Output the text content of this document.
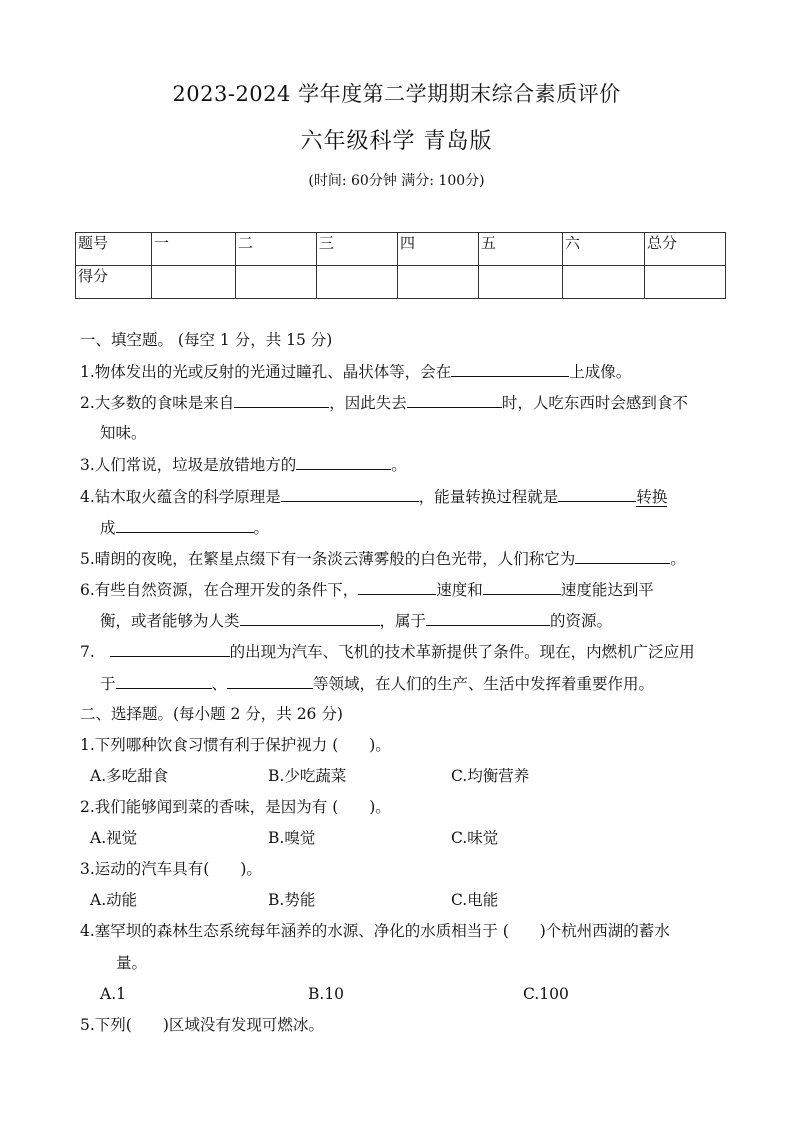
2023-2024 学年度第二学期期末综合素质评价
六年级科学 青岛版
(时间: 60分钟 满分: 100分)
题号	一	二	三	四	五	六	总分
得分							
一、填空题。 (每空 1 分，共 15 分)
1.物体发出的光或反射的光通过瞳孔、晶状体等，会在	上成像。
2.大多数的食味是来自	，因此失去	时，人吃东西时会感到食不
知味。
3.人们常说，垃圾是放错地方的	。
4.钻木取火蕴含的科学原理是	，能量转换过程就是	转换
成	。
5.晴朗的夜晚，在繁星点缀下有一条淡云薄雾般的白色光带，人们称它为	。
6.有些自然资源，在合理开发的条件下，	速度和	速度能达到平
衡，或者能够为人类	，属于	的资源。
7.	的出现为汽车、飞机的技术革新提供了条件。现在，内燃机广泛应用
于	、	等领域，在人们的生产、生活中发挥着重要作用。
二、选择题。(每小题 2 分，共 26 分)
1.下列哪种饮食习惯有利于保护视力 (　　)。
A.多吃甜食	B.少吃蔬菜	C.均衡营养
2.我们能够闻到菜的香味，是因为有 (　　)。
A.视觉	B.嗅觉	C.味觉
3.运动的汽车具有(　　)。
A.动能	B.势能	C.电能
4.塞罕坝的森林生态系统每年涵养的水源、净化的水质相当于 (　　)个杭州西湖的蓄水
量。
A.1	B.10	C.100
5.下列(　　)区域没有发现可燃冰。
